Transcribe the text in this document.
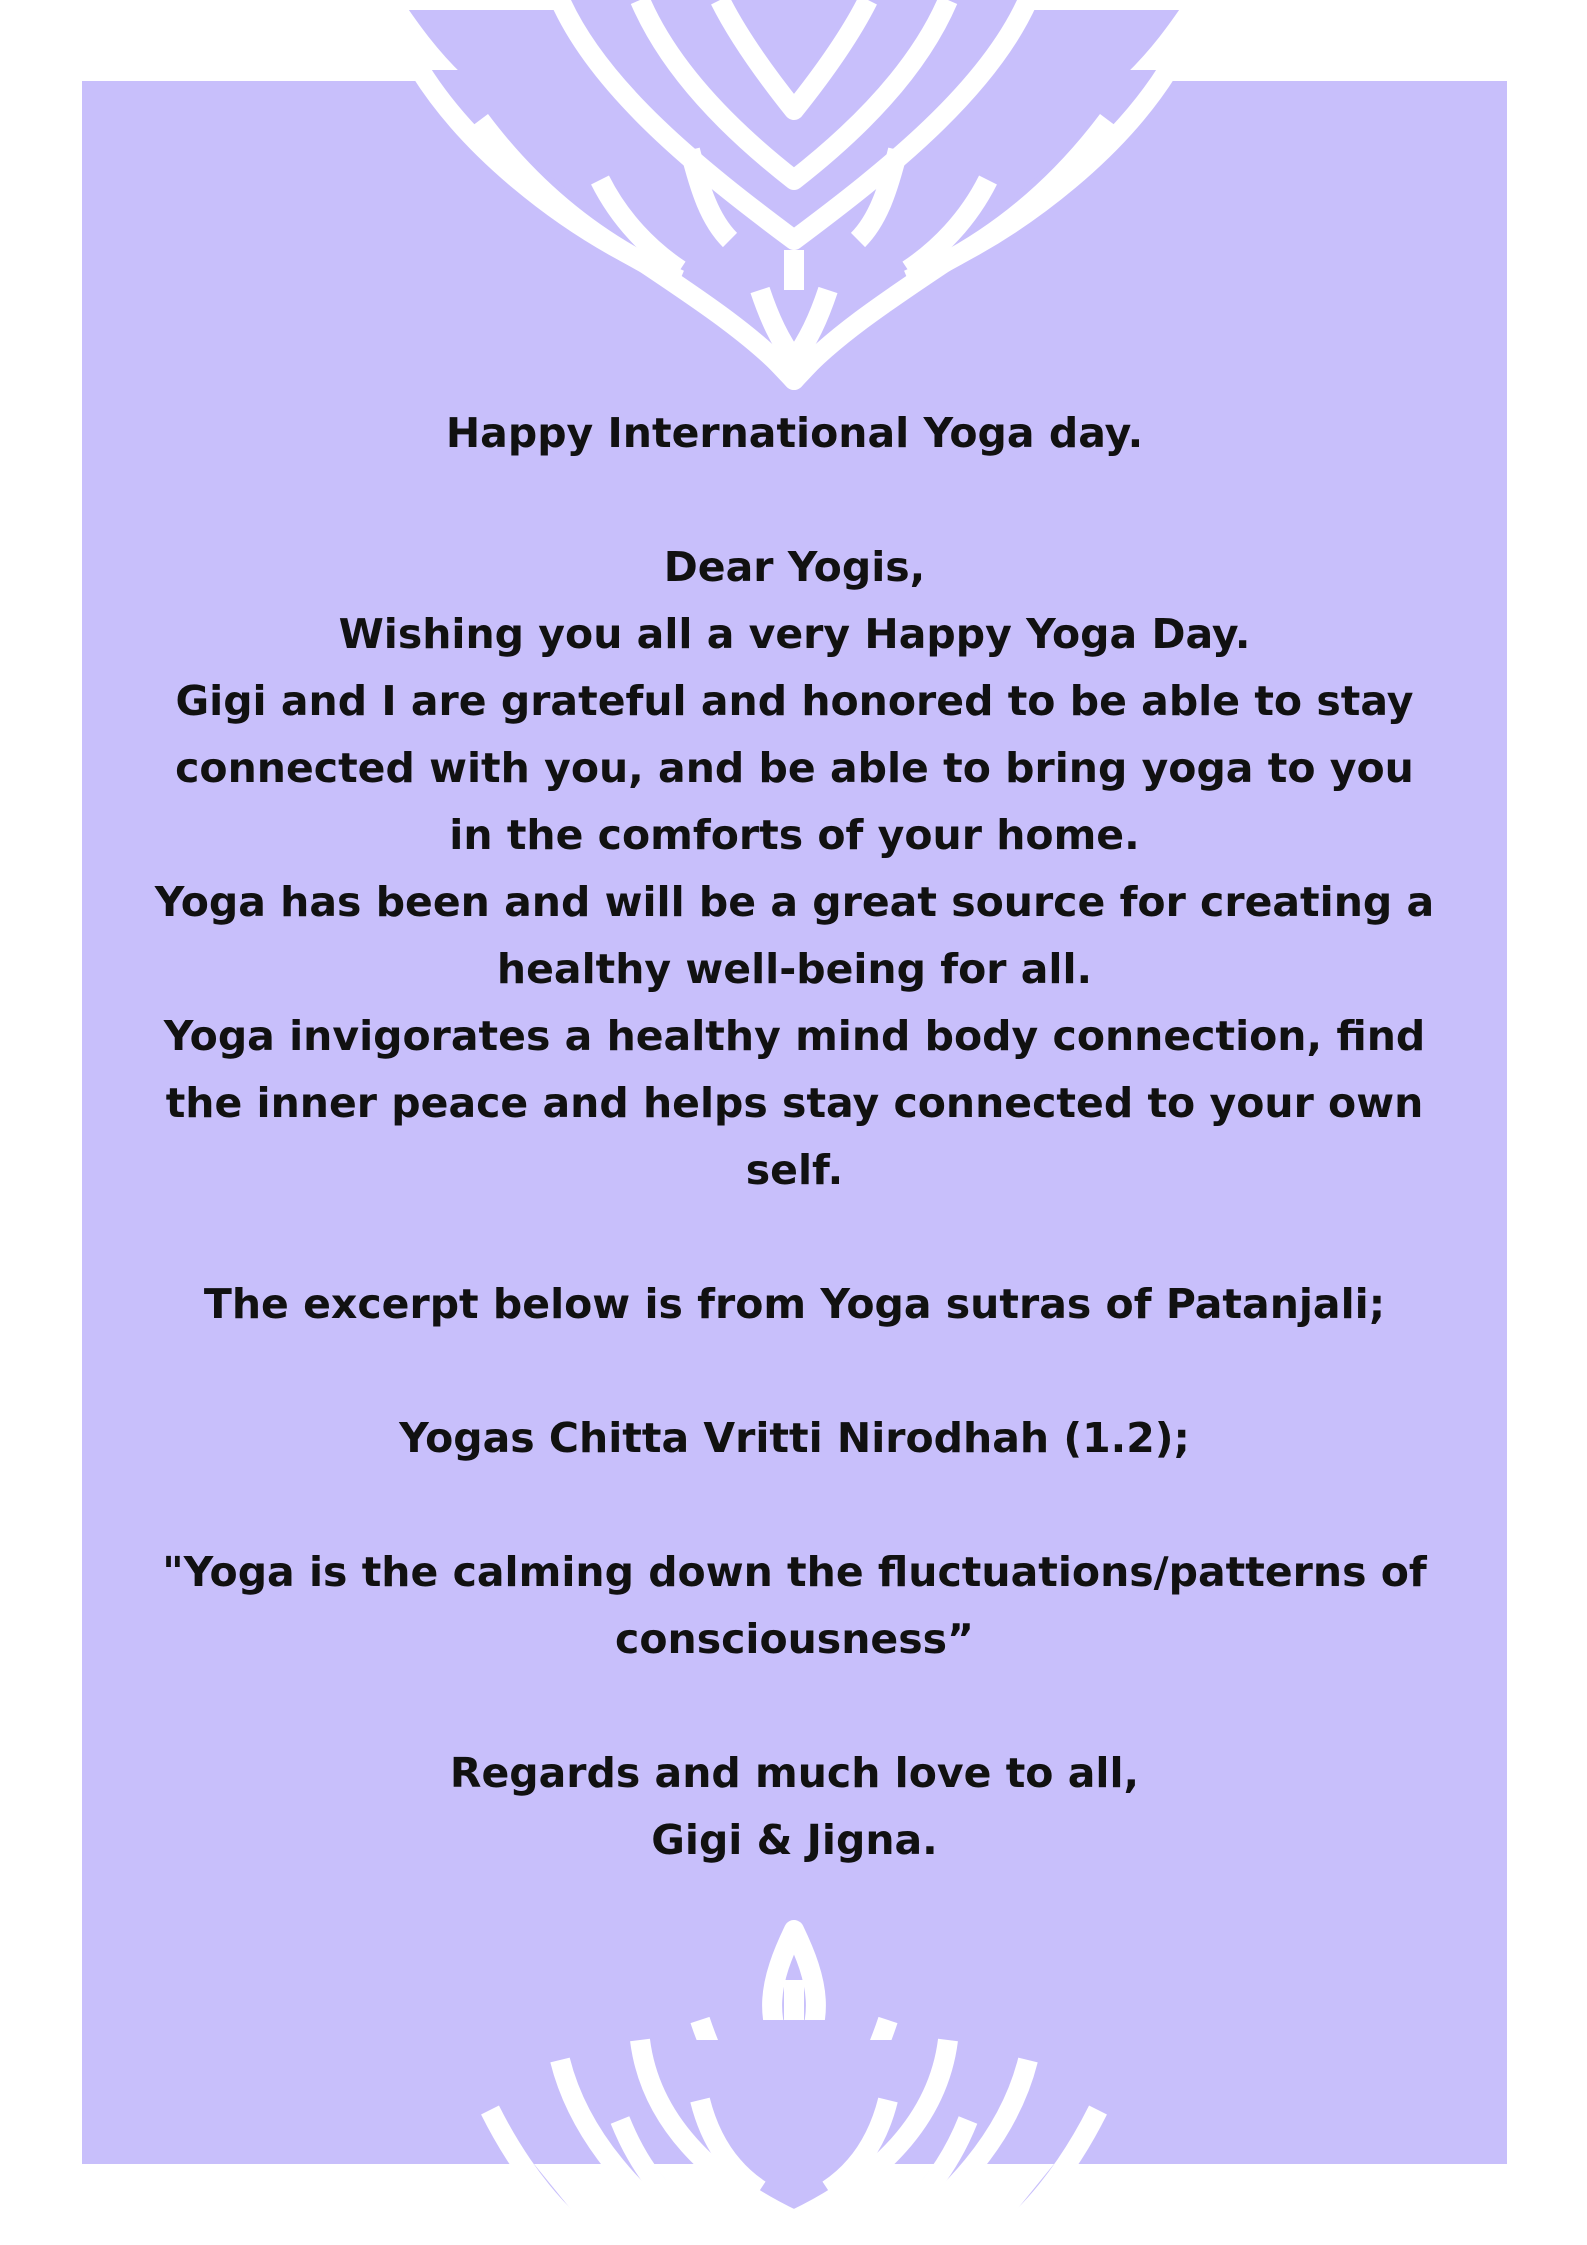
Happy International Yoga day.

Dear Yogis,

Wishing you all a very Happy Yoga Day.

Gigi and I are grateful and honored to be able to stay connected with you, and be able to bring yoga to you in the comforts of your home.

Yoga has been and will be a great source for creating a healthy well-being for all.

Yoga invigorates a healthy mind body connection, find the inner peace and helps stay connected to your own self.

The excerpt below is from Yoga sutras of Patanjali;

Yogas Chitta Vritti Nirodhah (1.2);

"Yoga is the calming down the fluctuations/patterns of consciousness”

Regards and much love to all,

Gigi & Jigna.
